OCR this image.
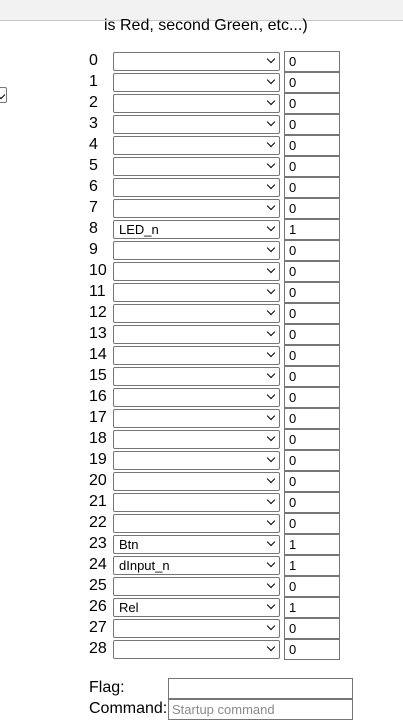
is Red, second Green, etc...)
0	0
1	0
2	0
3	0
4	0
5	0
6	0
7	0
8 LED_n	1
9	0
10	0
11	0
12	0
13	0
14	0
15	0
16	0
17	0
18	0
19	0
20	0
21	0
22	0
23 Btn	1
24 dInput_n	1
25	0
26 Rel	1
27	0
28	0
Flag:
Command: Startup command
